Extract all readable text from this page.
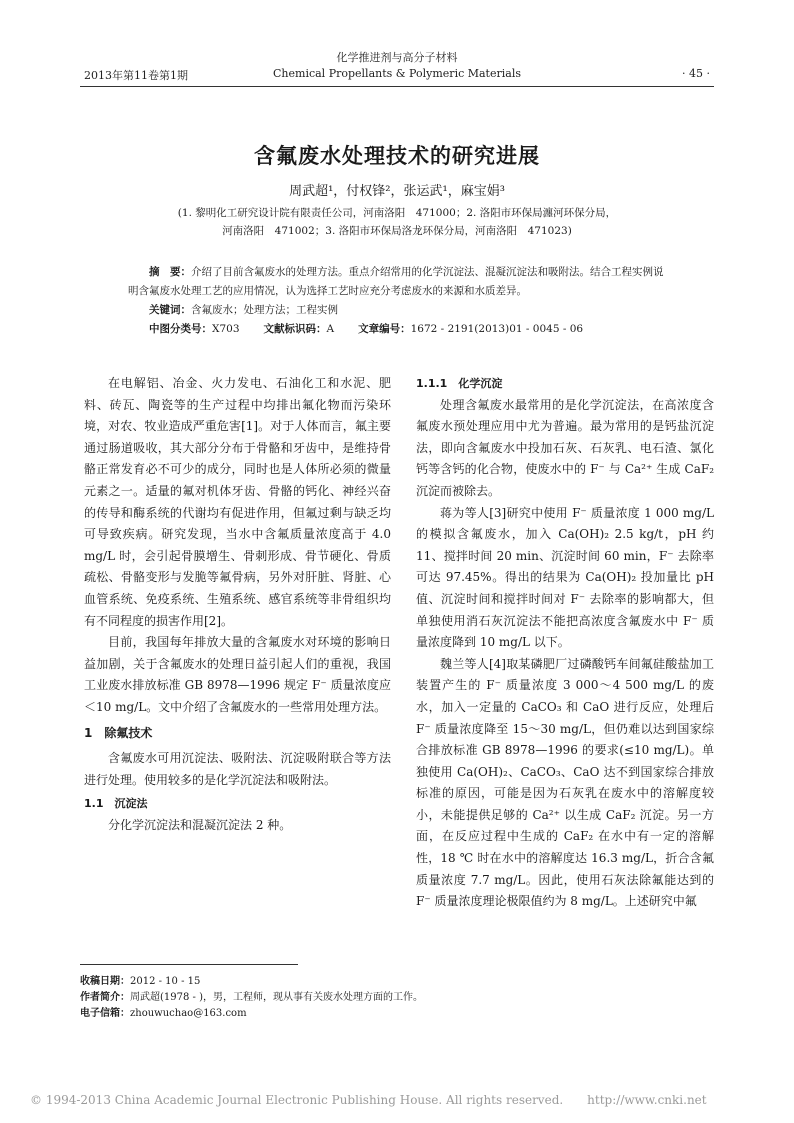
化学推进剂与高分子材料
2013年第11卷第1期	Chemical Propellants & Polymeric Materials	· 45 ·
含氟废水处理技术的研究进展
周武超¹，付权锋²，张运武¹，麻宝娟³
(1. 黎明化工研究设计院有限责任公司，河南洛阳　471000；2. 洛阳市环保局瀍河环保分局，
河南洛阳　471002；3. 洛阳市环保局洛龙环保分局，河南洛阳　471023)
摘　要：介绍了目前含氟废水的处理方法。重点介绍常用的化学沉淀法、混凝沉淀法和吸附法。结合工程实例说明含氟废水处理工艺的应用情况，认为选择工艺时应充分考虑废水的来源和水质差异。
关键词：含氟废水；处理方法；工程实例
中图分类号：X703 文献标识码：A 文章编号：1672 - 2191(2013)01 - 0045 - 06

在电解铝、冶金、火力发电、石油化工和水泥、肥料、砖瓦、陶瓷等的生产过程中均排出氟化物而污染环境，对农、牧业造成严重危害[1]。对于人体而言，氟主要通过肠道吸收，其大部分分布于骨骼和牙齿中，是维持骨骼正常发育必不可少的成分，同时也是人体所必须的微量元素之一。适量的氟对机体牙齿、骨骼的钙化、神经兴奋的传导和酶系统的代谢均有促进作用，但氟过剩与缺乏均可导致疾病。研究发现，当水中含氟质量浓度高于 4.0 mg/L 时，会引起骨膜增生、骨刺形成、骨节硬化、骨质疏松、骨骼变形与发脆等氟骨病，另外对肝脏、肾脏、心血管系统、免疫系统、生殖系统、感官系统等非骨组织均有不同程度的损害作用[2]。

目前，我国每年排放大量的含氟废水对环境的影响日益加剧，关于含氟废水的处理日益引起人们的重视，我国工业废水排放标准 GB 8978—1996 规定 F⁻ 质量浓度应＜10 mg/L。文中介绍了含氟废水的一些常用处理方法。

1　除氟技术

含氟废水可用沉淀法、吸附法、沉淀吸附联合等方法进行处理。使用较多的是化学沉淀法和吸附法。

1.1　沉淀法

分化学沉淀法和混凝沉淀法 2 种。

1.1.1　化学沉淀

处理含氟废水最常用的是化学沉淀法，在高浓度含氟废水预处理应用中尤为普遍。最为常用的是钙盐沉淀法，即向含氟废水中投加石灰、石灰乳、电石渣、氯化钙等含钙的化合物，使废水中的 F⁻ 与 Ca²⁺ 生成 CaF₂ 沉淀而被除去。

蒋为等人[3]研究中使用 F⁻ 质量浓度 1 000 mg/L 的模拟含氟废水，加入 Ca(OH)₂ 2.5 kg/t，pH 约 11、搅拌时间 20 min、沉淀时间 60 min，F⁻ 去除率可达 97.45%。得出的结果为 Ca(OH)₂ 投加量比 pH 值、沉淀时间和搅拌时间对 F⁻ 去除率的影响都大，但单独使用消石灰沉淀法不能把高浓度含氟废水中 F⁻ 质量浓度降到 10 mg/L 以下。

魏兰等人[4]取某磷肥厂过磷酸钙车间氟硅酸盐加工装置产生的 F⁻ 质量浓度 3 000～4 500 mg/L 的废水，加入一定量的 CaCO₃ 和 CaO 进行反应，处理后 F⁻ 质量浓度降至 15～30 mg/L，但仍难以达到国家综合排放标准 GB 8978—1996 的要求(≤10 mg/L)。单独使用 Ca(OH)₂、CaCO₃、CaO 达不到国家综合排放标准的原因，可能是因为石灰乳在废水中的溶解度较小，未能提供足够的 Ca²⁺ 以生成 CaF₂ 沉淀。另一方面，在反应过程中生成的 CaF₂ 在水中有一定的溶解性，18 ℃ 时在水中的溶解度达 16.3 mg/L，折合含氟质量浓度 7.7 mg/L。因此，使用石灰法除氟能达到的 F⁻ 质量浓度理论极限值约为 8 mg/L。上述研究中氟

收稿日期：2012 - 10 - 15
作者简介：周武超(1978 - )，男，工程师，现从事有关废水处理方面的工作。
电子信箱：zhouwuchao@163.com
© 1994-2013 China Academic Journal Electronic Publishing House. All rights reserved.　　http://www.cnki.net
